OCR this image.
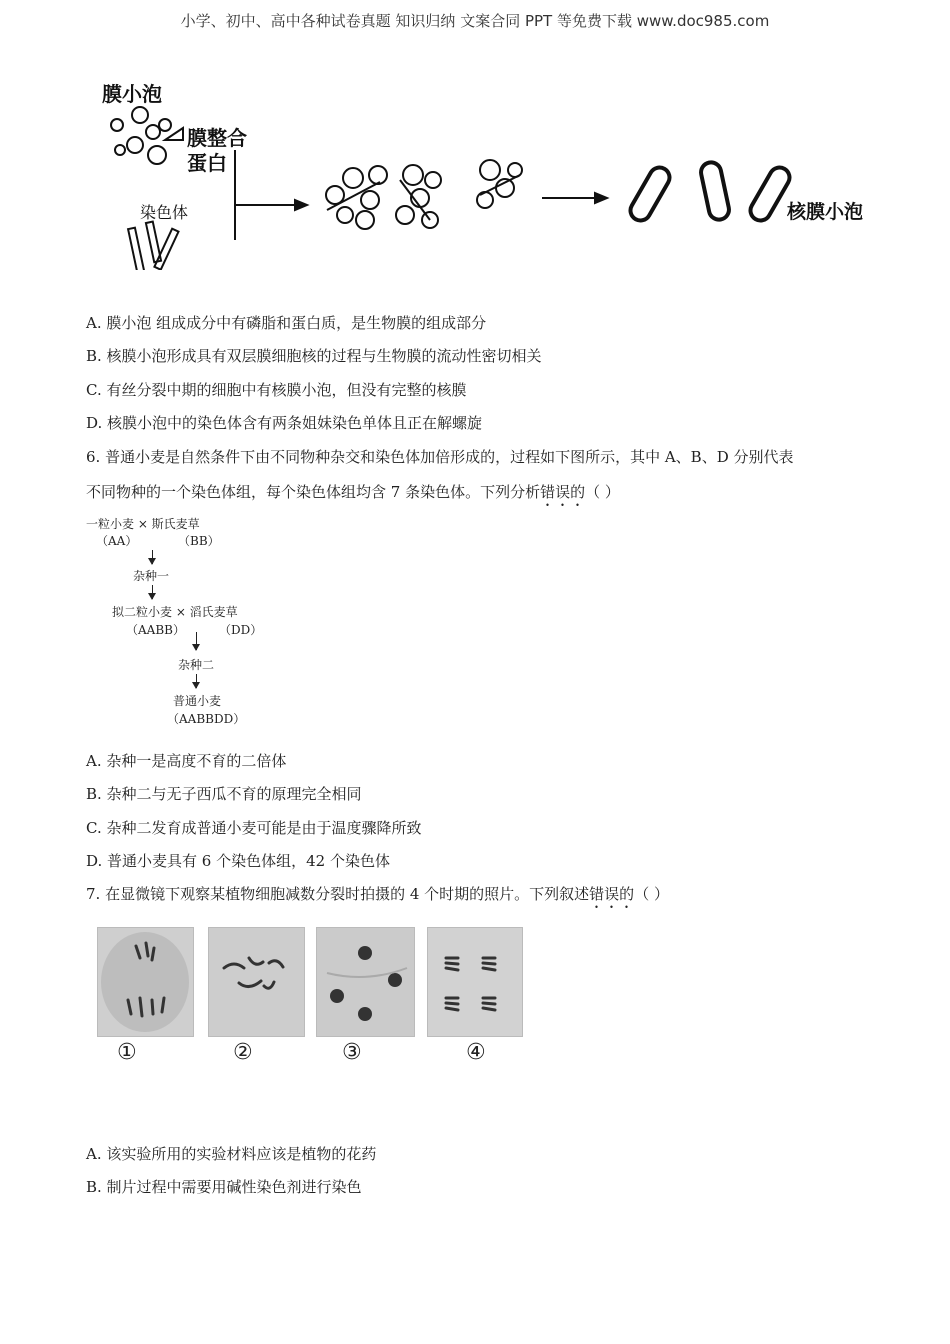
小学、初中、高中各种试卷真题 知识归纳 文案合同 PPT 等免费下载 www.doc985.com
膜小泡
膜整合
蛋白
染色体	核膜小泡
A. 膜小泡 组成成分中有磷脂和蛋白质，是生物膜的组成部分
B. 核膜小泡形成具有双层膜细胞核的过程与生物膜的流动性密切相关
C. 有丝分裂中期的细胞中有核膜小泡，但没有完整的核膜
D. 核膜小泡中的染色体含有两条姐妹染色单体且正在解螺旋
6. 普通小麦是自然条件下由不同物种杂交和染色体加倍形成的，过程如下图所示，其中 A、B、D 分别代表
不同物种的一个染色体组，每个染色体组均含 7 条染色体。下列分析错误的（ ）
一粒小麦 × 斯氏麦草
（AA）	（BB）
杂种一
拟二粒小麦 × 滔氏麦草
（AABB）	（DD）
杂种二
普通小麦
（AABBDD）
A. 杂种一是高度不育的二倍体
B. 杂种二与无子西瓜不育的原理完全相同
C. 杂种二发育成普通小麦可能是由于温度骤降所致
D. 普通小麦具有 6 个染色体组，42 个染色体
7. 在显微镜下观察某植物细胞减数分裂时拍摄的 4 个时期的照片。下列叙述错误的（ ）
①	②	③	④
A. 该实验所用的实验材料应该是植物的花药
B. 制片过程中需要用碱性染色剂进行染色
